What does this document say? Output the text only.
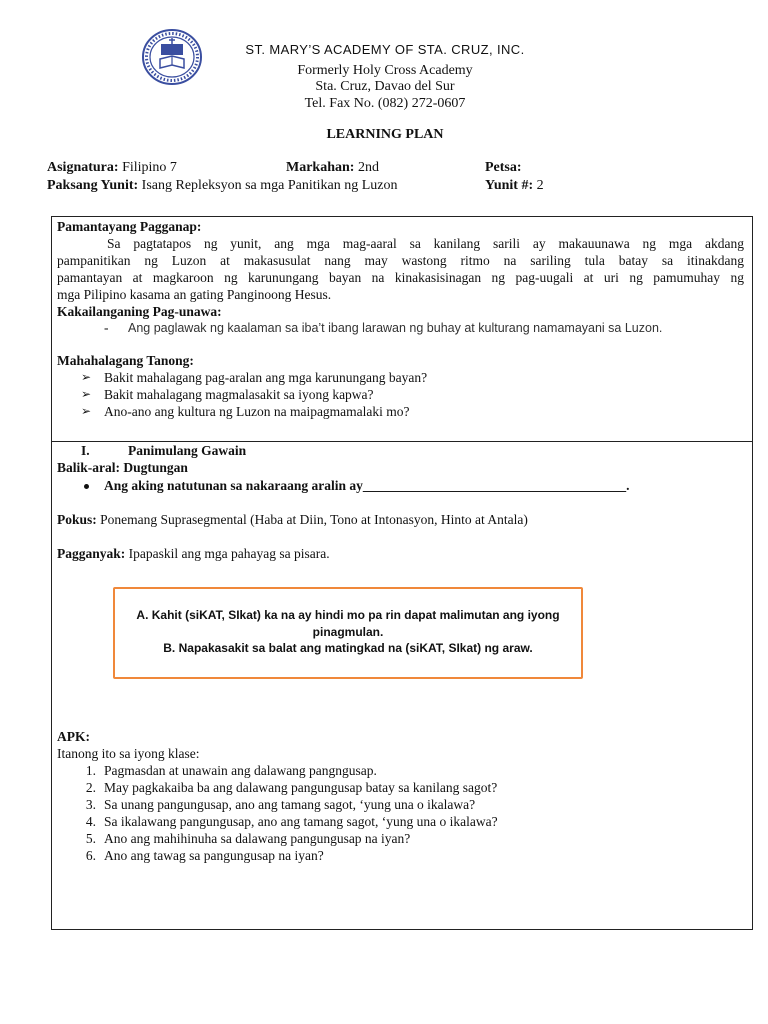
ST. MARY’S ACADEMY OF STA. CRUZ, INC.
Formerly Holy Cross Academy
Sta. Cruz, Davao del Sur
Tel. Fax No. (082) 272-0607
LEARNING PLAN
Asignatura: Filipino 7	Markahan: 2nd	Petsa:
Paksang Yunit: Isang Repleksyon sa mga Panitikan ng Luzon	Yunit #: 2
Pamantayang Pagganap:
Sa pagtatapos ng yunit, ang mga mag-aaral sa kanilang sarili ay makauunawa ng mga akdang
pampanitikan ng Luzon at makasusulat nang may wastong ritmo na sariling tula batay sa itinakdang
pamantayan at magkaroon ng karunungang bayan na kinakasisinagan ng pag-uugali at uri ng pamumuhay ng
mga Pilipino kasama an gating Panginoong Hesus.
Kakailanganing Pag-unawa:
- Ang paglawak ng kaalaman sa iba’t ibang larawan ng buhay at kulturang namamayani sa Luzon.
Mahahalagang Tanong:
➢ Bakit mahalagang pag-aralan ang mga karunungang bayan?
➢ Bakit mahalagang magmalasakit sa iyong kapwa?
➢ Ano-ano ang kultura ng Luzon na maipagmamalaki mo?
I.	Panimulang Gawain
Balik-aral: Dugtungan
Ang aking natutunan sa nakaraang aralin ay_______________________________________.
Pokus: Ponemang Suprasegmental (Haba at Diin, Tono at Intonasyon, Hinto at Antala)
Pagganyak: Ipapaskil ang mga pahayag sa pisara.
A. Kahit (siKAT, SIkat) ka na ay hindi mo pa rin dapat malimutan ang iyong
pinagmulan.
B. Napakasakit sa balat ang matingkad na (siKAT, SIkat) ng araw.
APK:
Itanong ito sa iyong klase:
1. Pagmasdan at unawain ang dalawang pangngusap.
2. May pagkakaiba ba ang dalawang pangungusap batay sa kanilang sagot?
3. Sa unang pangungusap, ano ang tamang sagot, ‘yung una o ikalawa?
4. Sa ikalawang pangungusap, ano ang tamang sagot, ‘yung una o ikalawa?
5. Ano ang mahihinuha sa dalawang pangungusap na iyan?
6. Ano ang tawag sa pangungusap na iyan?
